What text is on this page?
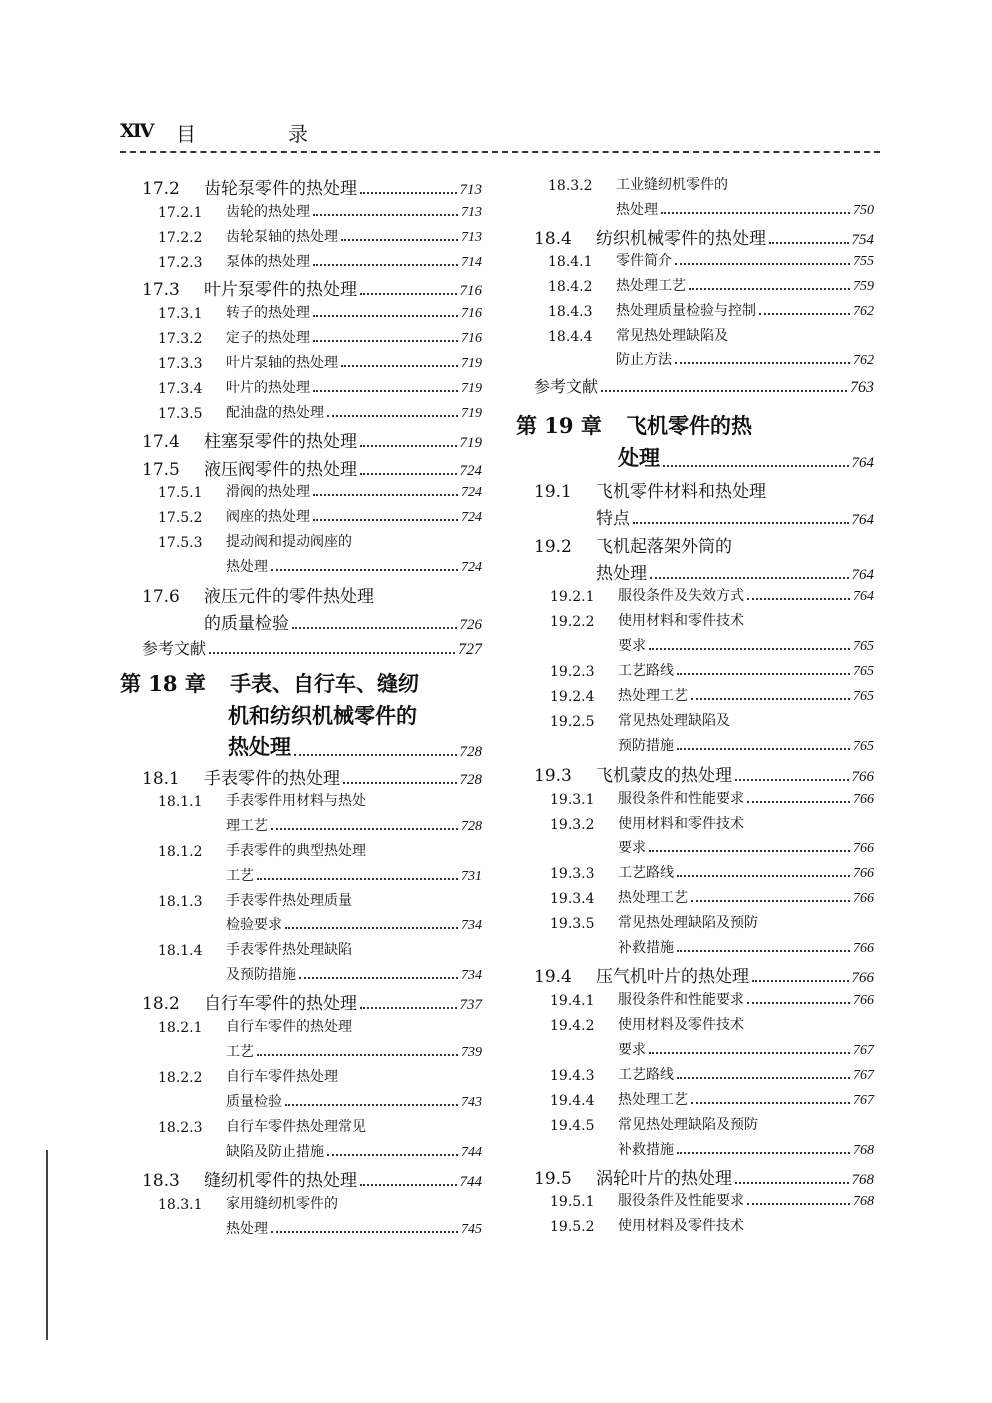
XIV 目　录
17.2	齿轮泵零件的热处理	713
17.2.1	齿轮的热处理	713
17.2.2	齿轮泵轴的热处理	713
17.2.3	泵体的热处理	714
17.3	叶片泵零件的热处理	716
17.3.1	转子的热处理	716
17.3.2	定子的热处理	716
17.3.3	叶片泵轴的热处理	719
17.3.4	叶片的热处理	719
17.3.5	配油盘的热处理	719
17.4	柱塞泵零件的热处理	719
17.5	液压阀零件的热处理	724
17.5.1	滑阀的热处理	724
17.5.2	阀座的热处理	724
17.5.3	提动阀和提动阀座的
热处理	724
17.6	液压元件的零件热处理
的质量检验	726
参考文献	727
第 18 章	手表、自行车、缝纫
机和纺织机械零件的
热处理	728
18.1	手表零件的热处理	728
18.1.1	手表零件用材料与热处
理工艺	728
18.1.2	手表零件的典型热处理
工艺	731
18.1.3	手表零件热处理质量
检验要求	734
18.1.4	手表零件热处理缺陷
及预防措施	734
18.2	自行车零件的热处理	737
18.2.1	自行车零件的热处理
工艺	739
18.2.2	自行车零件热处理
质量检验	743
18.2.3	自行车零件热处理常见
缺陷及防止措施	744
18.3	缝纫机零件的热处理	744
18.3.1	家用缝纫机零件的
热处理	745
18.3.2	工业缝纫机零件的
热处理	750
18.4	纺织机械零件的热处理	754
18.4.1	零件简介	755
18.4.2	热处理工艺	759
18.4.3	热处理质量检验与控制	762
18.4.4	常见热处理缺陷及
防止方法	762
参考文献	763
第 19 章	飞机零件的热
处理	764
19.1	飞机零件材料和热处理
特点	764
19.2	飞机起落架外筒的
热处理	764
19.2.1	服役条件及失效方式	764
19.2.2	使用材料和零件技术
要求	765
19.2.3	工艺路线	765
19.2.4	热处理工艺	765
19.2.5	常见热处理缺陷及
预防措施	765
19.3	飞机蒙皮的热处理	766
19.3.1	服役条件和性能要求	766
19.3.2	使用材料和零件技术
要求	766
19.3.3	工艺路线	766
19.3.4	热处理工艺	766
19.3.5	常见热处理缺陷及预防
补救措施	766
19.4	压气机叶片的热处理	766
19.4.1	服役条件和性能要求	766
19.4.2	使用材料及零件技术
要求	767
19.4.3	工艺路线	767
19.4.4	热处理工艺	767
19.4.5	常见热处理缺陷及预防
补救措施	768
19.5	涡轮叶片的热处理	768
19.5.1	服役条件及性能要求	768
19.5.2	使用材料及零件技术
